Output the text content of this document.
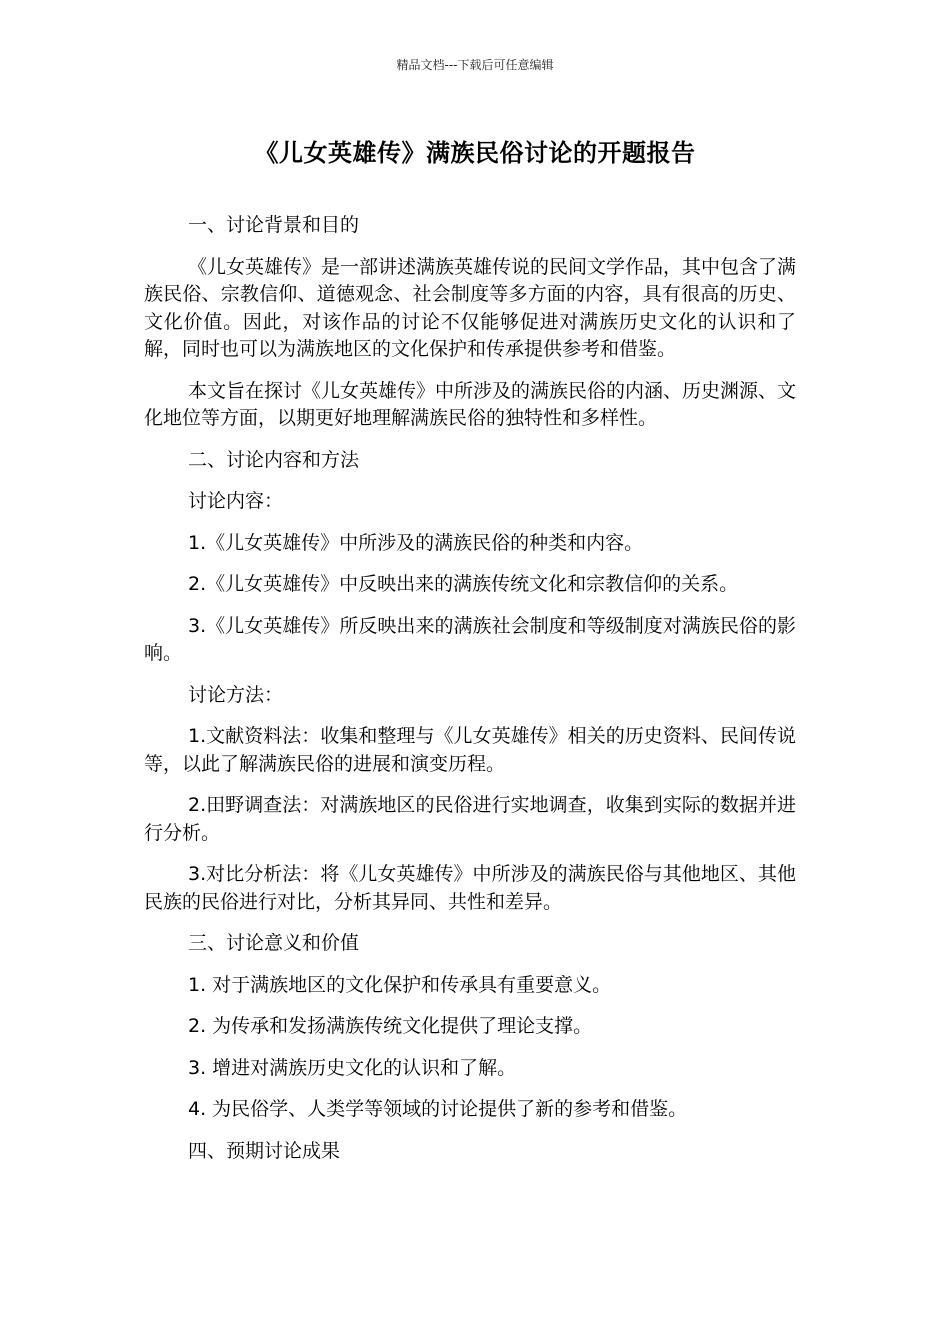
精品文档---下载后可任意编辑
《儿女英雄传》满族民俗讨论的开题报告

一、讨论背景和目的

《儿女英雄传》是一部讲述满族英雄传说的民间文学作品，其中包含了满族民俗、宗教信仰、道德观念、社会制度等多方面的内容，具有很高的历史、文化价值。因此，对该作品的讨论不仅能够促进对满族历史文化的认识和了解，同时也可以为满族地区的文化保护和传承提供参考和借鉴。

本文旨在探讨《儿女英雄传》中所涉及的满族民俗的内涵、历史渊源、文化地位等方面，以期更好地理解满族民俗的独特性和多样性。

二、讨论内容和方法

讨论内容：

1.《儿女英雄传》中所涉及的满族民俗的种类和内容。

2.《儿女英雄传》中反映出来的满族传统文化和宗教信仰的关系。

3.《儿女英雄传》所反映出来的满族社会制度和等级制度对满族民俗的影响。

讨论方法：

1.文献资料法：收集和整理与《儿女英雄传》相关的历史资料、民间传说等，以此了解满族民俗的进展和演变历程。

2.田野调查法：对满族地区的民俗进行实地调查，收集到实际的数据并进行分析。

3.对比分析法：将《儿女英雄传》中所涉及的满族民俗与其他地区、其他民族的民俗进行对比，分析其异同、共性和差异。

三、讨论意义和价值

1. 对于满族地区的文化保护和传承具有重要意义。

2. 为传承和发扬满族传统文化提供了理论支撑。

3. 增进对满族历史文化的认识和了解。

4. 为民俗学、人类学等领域的讨论提供了新的参考和借鉴。

四、预期讨论成果
